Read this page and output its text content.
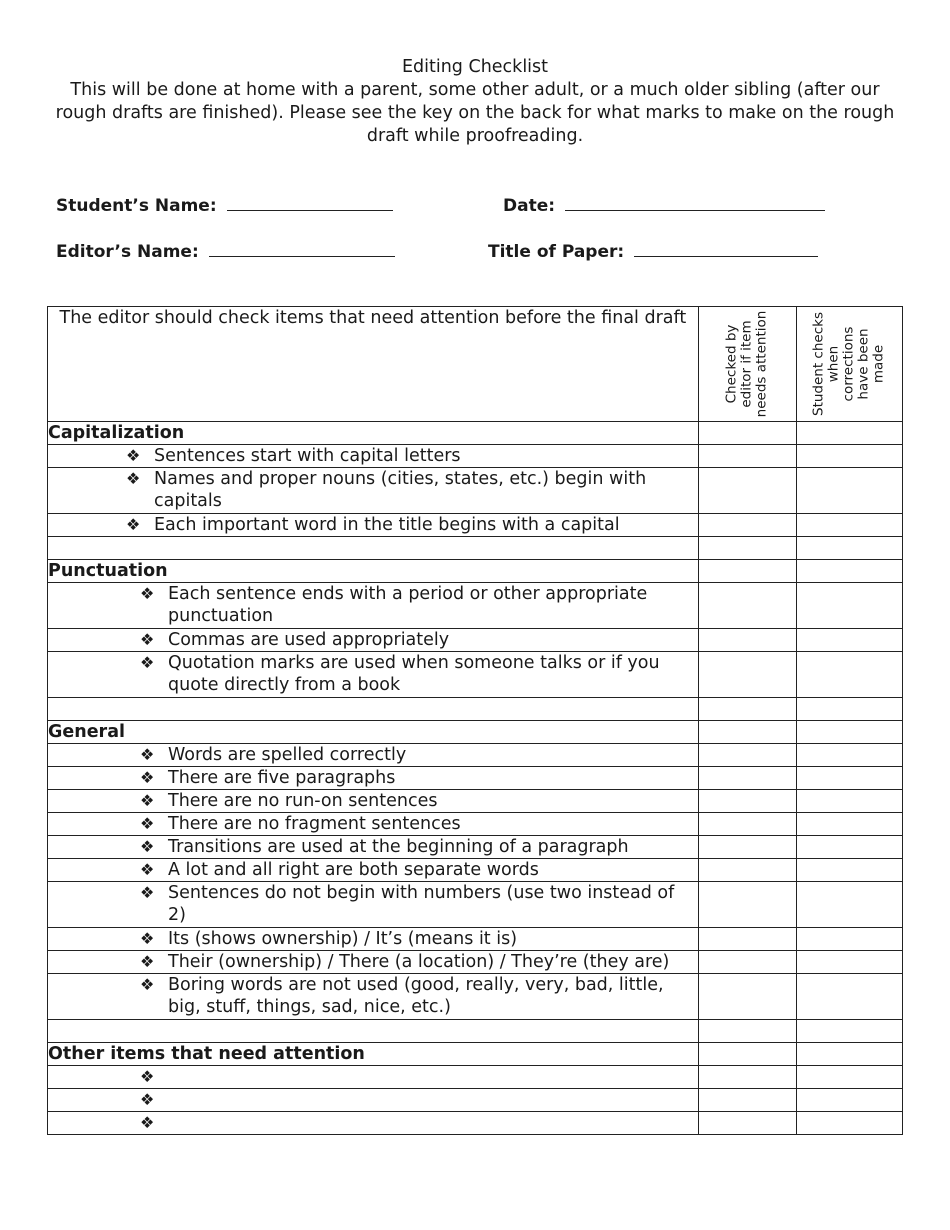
Editing Checklist
This will be done at home with a parent, some other adult, or a much older sibling (after our rough drafts are finished). Please see the key on the back for what marks to make on the rough draft while proofreading.
Student’s Name:	Date:
Editor’s Name:	Title of Paper:
The editor should check items that need attention before the final draft	Checked by editor if item needs attention	Student checks when corrections have been made

Capitalization		

❖ Sentences start with capital letters		

❖ Names and proper nouns (cities, states, etc.) begin with capitals		

❖ Each important word in the title begins with a capital		

Punctuation		

❖ Each sentence ends with a period or other appropriate punctuation		

❖ Commas are used appropriately		

❖ Quotation marks are used when someone talks or if you quote directly from a book		

General		

❖ Words are spelled correctly		

❖ There are five paragraphs		

❖ There are no run-on sentences		

❖ There are no fragment sentences		

❖ Transitions are used at the beginning of a paragraph		

❖ A lot and all right are both separate words		

❖ Sentences do not begin with numbers (use two instead of 2)		

❖ Its (shows ownership) / It’s (means it is)		

❖ Their (ownership) / There (a location) / They’re (they are)		

❖ Boring words are not used (good, really, very, bad, little, big, stuff, things, sad, nice, etc.)		

Other items that need attention		

❖		

❖		

❖		
